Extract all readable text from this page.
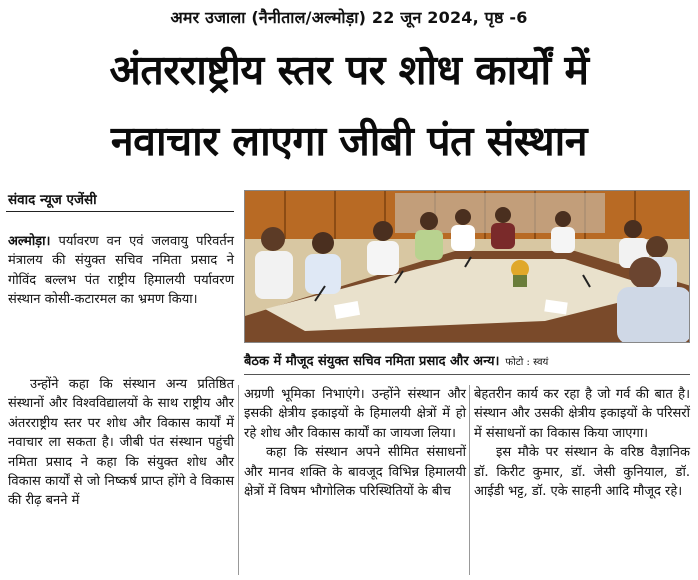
अमर उजाला (नैनीताल/अल्मोड़ा) 22 जून 2024, पृष्ठ -6
अंतरराष्ट्रीय स्तर पर शोध कार्यों में
नवाचार लाएगा जीबी पंत संस्थान
संवाद न्यूज एजेंसी

अल्मोड़ा। पर्यावरण वन एवं जलवायु परिवर्तन मंत्रालय की संयुक्त सचिव नमिता प्रसाद ने गोविंद बल्लभ पंत राष्ट्रीय हिमालयी पर्यावरण संस्थान कोसी-कटारमल का भ्रमण किया।

उन्होंने कहा कि संस्थान अन्य प्रतिष्ठित संस्थानों और विश्वविद्यालयों के साथ राष्ट्रीय और अंतरराष्ट्रीय स्तर पर शोध और विकास कार्यों में नवाचार ला सकता है। जीबी पंत संस्थान पहुंची नमिता प्रसाद ने कहा कि संयुक्त शोध और विकास कार्यों से जो निष्कर्ष प्राप्त होंगे वे विकास की रीढ़ बनने में

अग्रणी भूमिका निभाएंगे। उन्होंने संस्थान और इसकी क्षेत्रीय इकाइयों के हिमालयी क्षेत्रों में हो रहे शोध और विकास कार्यों का जायजा लिया।

कहा कि संस्थान अपने सीमित संसाधनों और मानव शक्ति के बावजूद विभिन्न हिमालयी क्षेत्रों में विषम भौगोलिक परिस्थितियों के बीच

बेहतरीन कार्य कर रहा है जो गर्व की बात है। संस्थान और उसकी क्षेत्रीय इकाइयों के परिसरों में संसाधनों का विकास किया जाएगा।

इस मौके पर संस्थान के वरिष्ठ वैज्ञानिक डॉ. किरीट कुमार, डॉ. जेसी कुनियाल, डॉ. आईडी भट्ट, डॉ. एके साहनी आदि मौजूद रहे।

बैठक में मौजूद संयुक्त सचिव नमिता प्रसाद और अन्य। फोटो : स्वयं
